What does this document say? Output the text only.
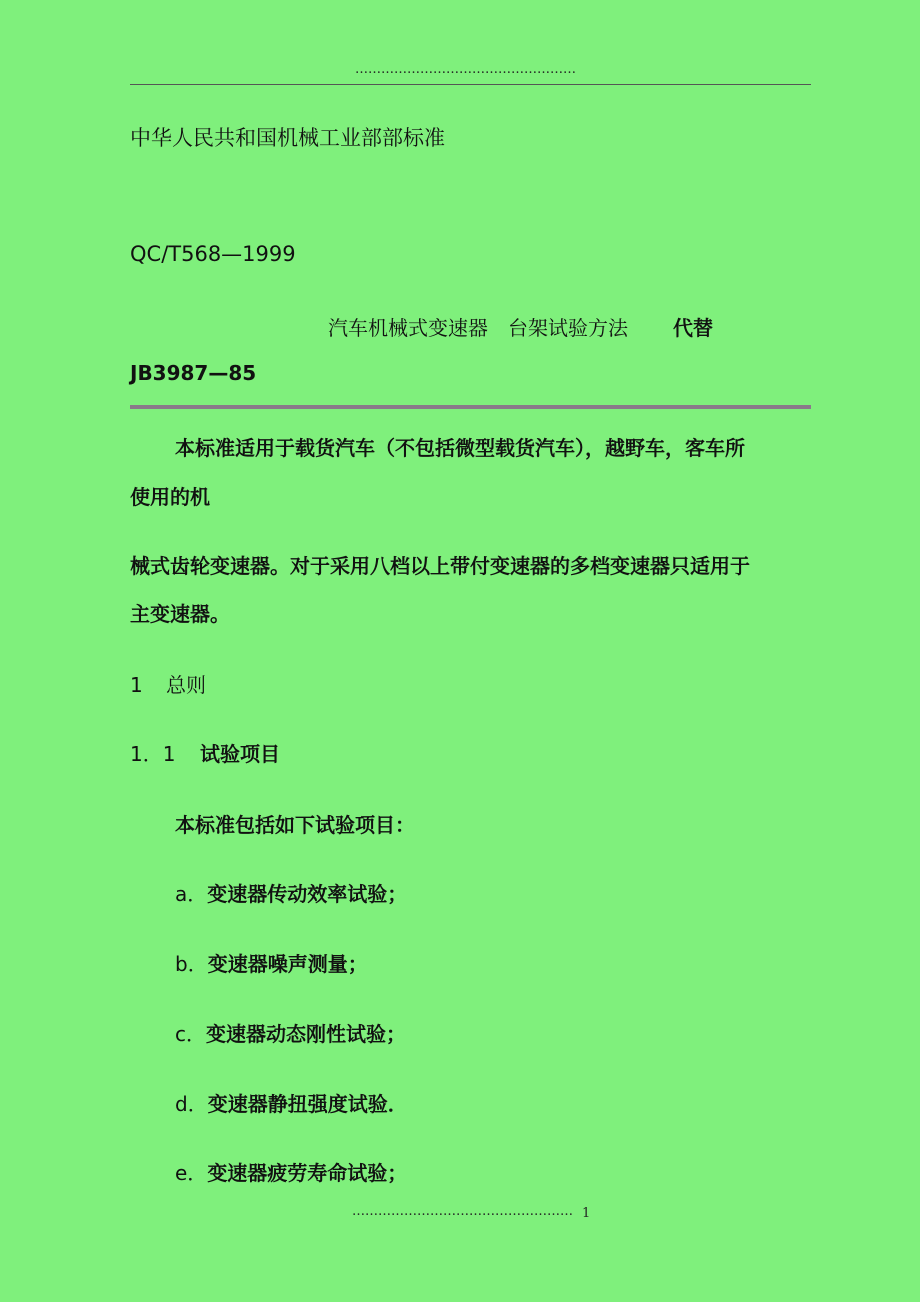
……………………………………………
中华人民共和国机械工业部部标准
QC/T568—1999
汽车机械式变速器　台架试验方法 代替
JB3987—85
本标准适用于载货汽车（不包括微型载货汽车），越野车，客车所
使用的机
械式齿轮变速器。对于采用八档以上带付变速器的多档变速器只适用于
主变速器。
1 总则
1．1 试验项目
本标准包括如下试验项目：
a．变速器传动效率试验；
b．变速器噪声测量；
c．变速器动态刚性试验；
d．变速器静扭强度试验．
e．变速器疲劳寿命试验；
…………………………………………… 1
